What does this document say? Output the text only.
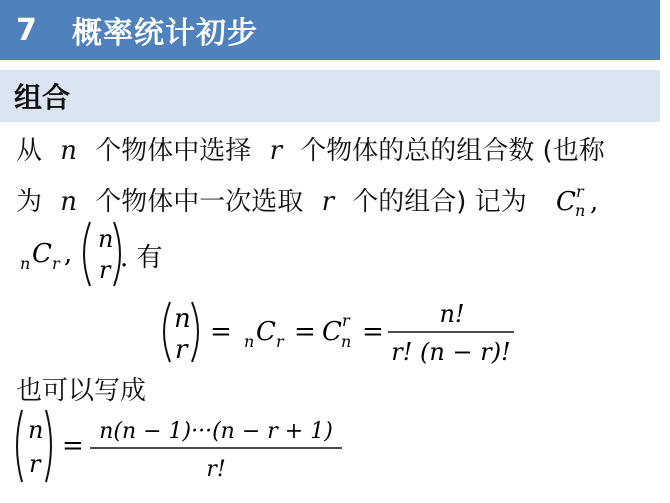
7	概率统计初步
组合
从 n 个物体中选择 r 个物体的总的组合数 (也称
为 n 个物体中一次选取 r 个的组合) 记为 C r
n ,
n C r , n
r . 有
n
r
= n C r = C r
n =
n!
r! (n − r)!
也可以写成
n
r
= n(n − 1)···(n − r + 1)
r!
